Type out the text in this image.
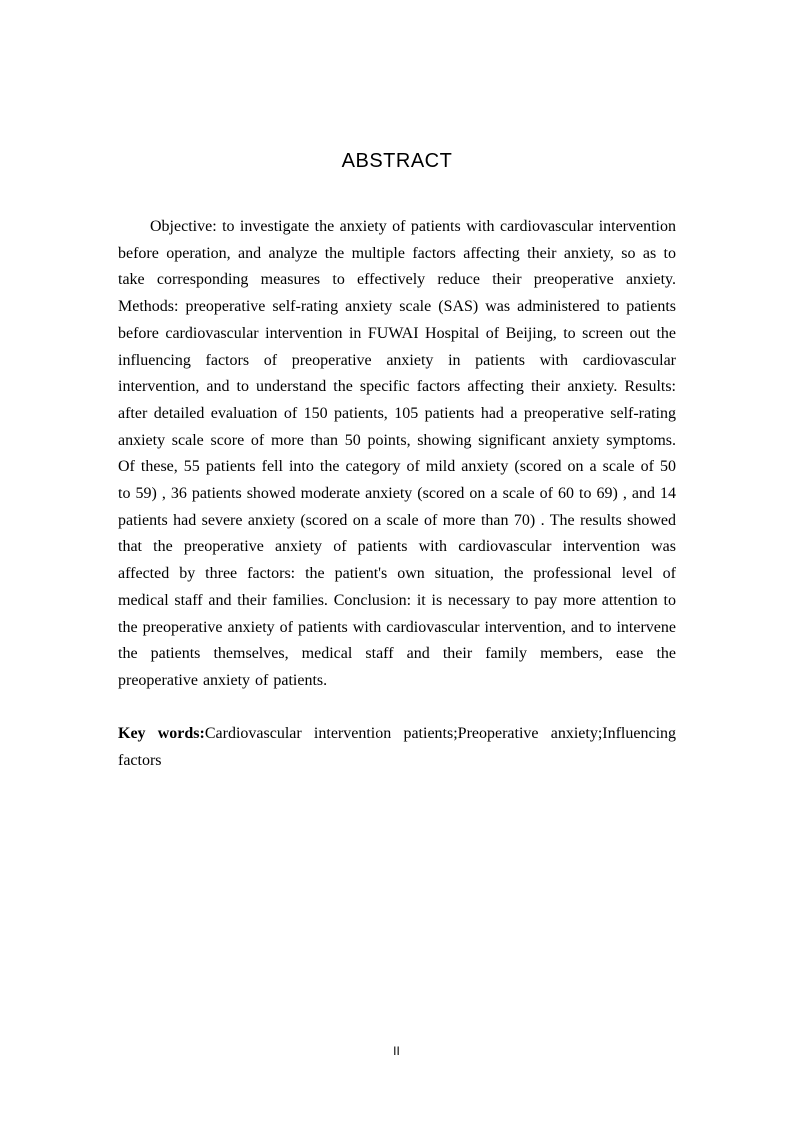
ABSTRACT

Objective: to investigate the anxiety of patients with cardiovascular intervention before operation, and analyze the multiple factors affecting their anxiety, so as to take corresponding measures to effectively reduce their preoperative anxiety. Methods: preoperative self-rating anxiety scale (SAS) was administered to patients before cardiovascular intervention in FUWAI Hospital of Beijing, to screen out the influencing factors of preoperative anxiety in patients with cardiovascular intervention, and to understand the specific factors affecting their anxiety. Results: after detailed evaluation of 150 patients, 105 patients had a preoperative self-rating anxiety scale score of more than 50 points, showing significant anxiety symptoms. Of these, 55 patients fell into the category of mild anxiety (scored on a scale of 50 to 59) , 36 patients showed moderate anxiety (scored on a scale of 60 to 69) , and 14 patients had severe anxiety (scored on a scale of more than 70) . The results showed that the preoperative anxiety of patients with cardiovascular intervention was affected by three factors: the patient's own situation, the professional level of medical staff and their families. Conclusion: it is necessary to pay more attention to the preoperative anxiety of patients with cardiovascular intervention, and to intervene the patients themselves, medical staff and their family members, ease the preoperative anxiety of patients.

Key words:Cardiovascular intervention patients;Preoperative anxiety;Influencing factors

II
